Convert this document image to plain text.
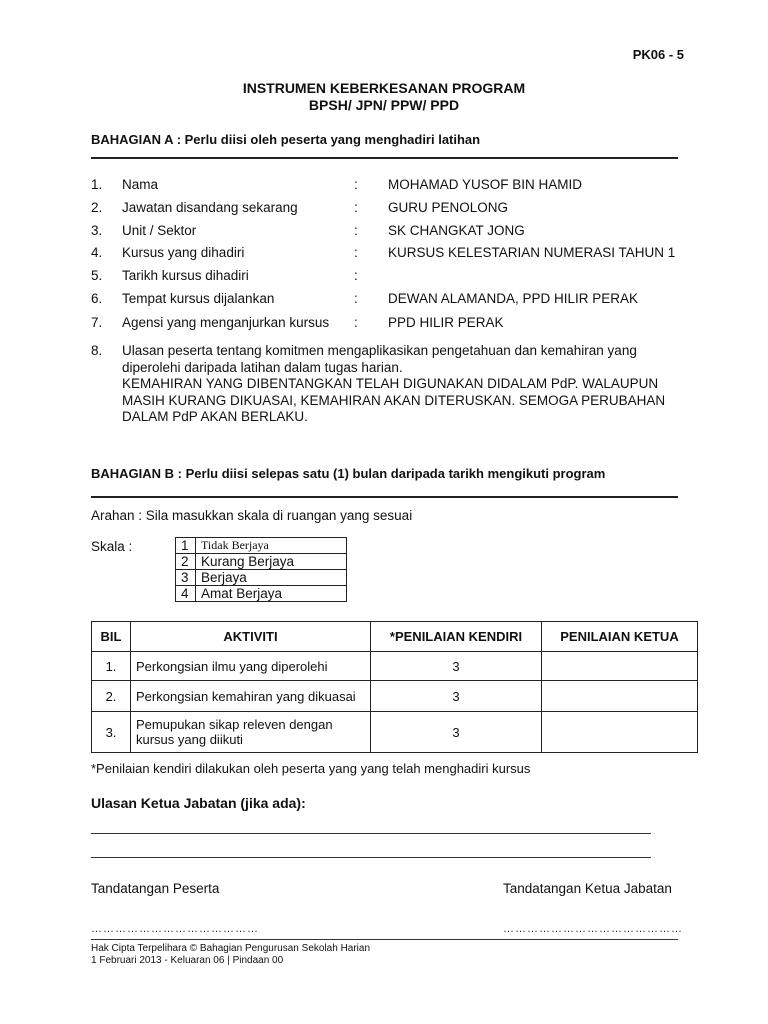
PK06 - 5
INSTRUMEN KEBERKESANAN PROGRAM
BPSH/ JPN/ PPW/ PPD
BAHAGIAN A : Perlu diisi oleh peserta yang menghadiri latihan
1. Nama	: MOHAMAD YUSOF BIN HAMID
2. Jawatan disandang sekarang	: GURU PENOLONG
3. Unit / Sektor	: SK CHANGKAT JONG
4. Kursus yang dihadiri	: KURSUS KELESTARIAN NUMERASI TAHUN 1
5. Tarikh kursus dihadiri	:
6. Tempat kursus dijalankan	: DEWAN ALAMANDA, PPD HILIR PERAK
7. Agensi yang menganjurkan kursus : PPD HILIR PERAK
8. Ulasan peserta tentang komitmen mengaplikasikan pengetahuan dan kemahiran yang
diperolehi daripada latihan dalam tugas harian.
KEMAHIRAN YANG DIBENTANGKAN TELAH DIGUNAKAN DIDALAM PdP. WALAUPUN
MASIH KURANG DIKUASAI, KEMAHIRAN AKAN DITERUSKAN. SEMOGA PERUBAHAN
DALAM PdP AKAN BERLAKU.
BAHAGIAN B : Perlu diisi selepas satu (1) bulan daripada tarikh mengikuti program
Arahan : Sila masukkan skala di ruangan yang sesuai
Skala :	1	Tidak Berjaya
2	Kurang Berjaya
3	Berjaya
4	Amat Berjaya
BIL	AKTIVITI	*PENILAIAN KENDIRI	PENILAIAN KETUA
1.	Perkongsian ilmu yang diperolehi	3	
2.	Perkongsian kemahiran yang dikuasai	3	
3.	Pemupukan sikap releven dengan
kursus yang diikuti	3	
*Penilaian kendiri dilakukan oleh peserta yang yang telah menghadiri kursus
Ulasan Ketua Jabatan (jika ada):
Tandatangan Peserta	Tandatangan Ketua Jabatan
……………………………………	………………………………………
Hak Cipta Terpelihara © Bahagian Pengurusan Sekolah Harian
1 Februari 2013 - Keluaran 06 | Pindaan 00
